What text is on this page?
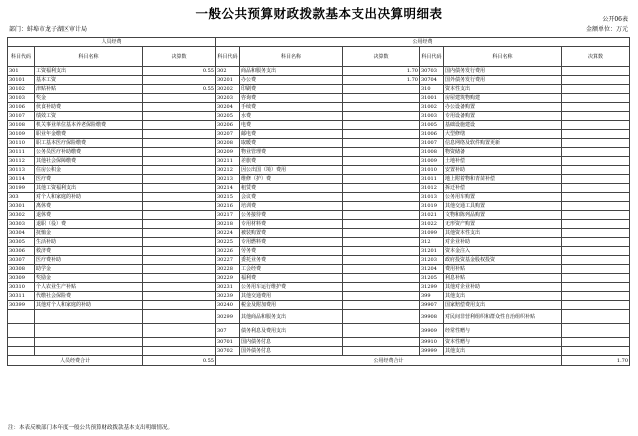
一般公共预算财政拨款基本支出决算明细表	公开06表
部门：蚌埠市龙子湖区审计局	金额单位：万元
人员经费			公用经费					
科目代码	科目名称	决算数	科目代码	科目名称	决算数	科目代码	科目名称	决算数
301	工资福利支出	0.55	302	商品和服务支出	1.70	30703	国内债务发行费用	
30101	基本工资		30201	办公费	1.70	30704	国外债务发行费用	
30102	津贴补贴	0.55	30202	印刷费		310	资本性支出	
30103	奖金		30203	咨询费		31001	房屋建筑物购建	
30106	伙食补助费		30204	手续费		31002	办公设备购置	
30107	绩效工资		30205	水费		31003	专用设备购置	
30108	机关事业单位基本养老保险缴费		30206	电费		31005	基础设施建设	
30109	职业年金缴费		30207	邮电费		31006	大型修缮	
30110	职工基本医疗保险缴费		30208	取暖费		31007	信息网络及软件购置更新	
30111	公务员医疗补助缴费		30209	物业管理费		31008	物资储备	
30112	其他社会保障缴费		30211	差旅费		31009	土地补偿	
30113	住房公积金		30212	因公出国（境）费用		31010	安置补助	
30114	医疗费		30213	维修（护）费		31011	地上附着物和青苗补偿	
30199	其他工资福利支出		30214	租赁费		31012	拆迁补偿	
303	对个人和家庭的补助		30215	会议费		31013	公务用车购置	
30301	离休费		30216	培训费		31019	其他交通工具购置	
30302	退休费		30217	公务接待费		31021	文物和陈列品购置	
30303	退职（役）费		30218	专用材料费		31022	无形资产购置	
30304	抚恤金		30224	被装购置费		31099	其他资本性支出	
30305	生活补助		30225	专用燃料费		312	对企业补助	
30306	救济费		30226	劳务费		31201	资本金注入	
30307	医疗费补助		30227	委托业务费		31203	政府投资基金股权投资	
30308	助学金		30228	工会经费		31204	费用补贴	
30309	奖励金		30229	福利费		31205	利息补贴	
30310	个人农业生产补贴		30231	公务用车运行维护费		31299	其他对企业补助	
30311	代缴社会保险费		30239	其他交通费用		399	其他支出	
30399	其他对个人和家庭的补助		30240	税金及附加费用		39907	国家赔偿费用支出	
			30299	其他商品和服务支出		39908	对民间非营利组织和群众性自治组织补贴	
			307	债务利息及费用支出		39909	经常性赠与	
			30701	国内债务付息		39910	资本性赠与	
			30702	国外债务付息		39999	其他支出	
人员经费合计		0.55	公用经费合计					1.70
注：本表反映部门本年度一般公共预算财政拨款基本支出明细情况。
